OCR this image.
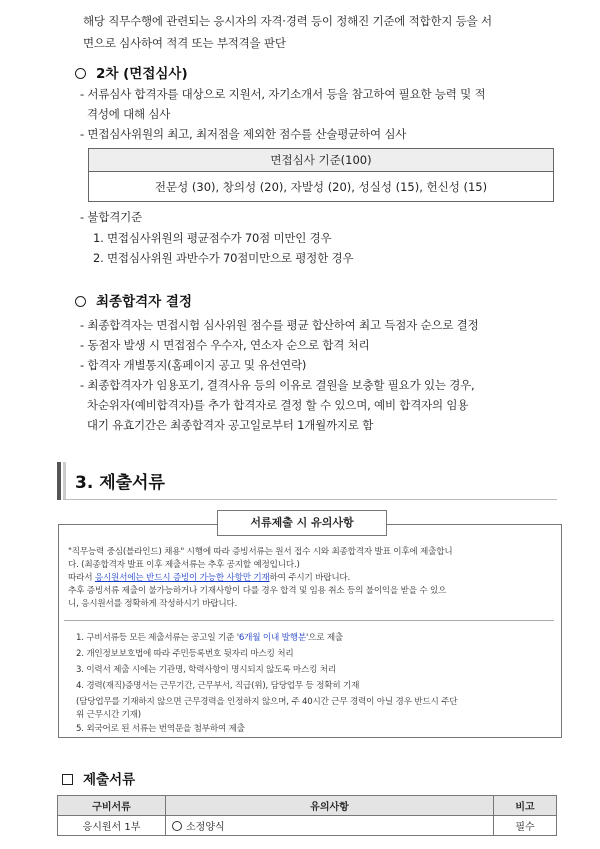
해당 직무수행에 관련되는 응시자의 자격·경력 등이 정해진 기준에 적합한지 등을 서
면으로 심사하여 적격 또는 부적격을 판단
2차 (면접심사)
- 서류심사 합격자를 대상으로 지원서, 자기소개서 등을 참고하여 필요한 능력 및 적
격성에 대해 심사
- 면접심사위원의 최고, 최저점을 제외한 점수를 산술평균하여 심사
면접심사 기준(100)
전문성 (30), 창의성 (20), 자발성 (20), 성실성 (15), 헌신성 (15)
- 불합격기준
1. 면접심사위원의 평균점수가 70점 미만인 경우
2. 면접심사위원 과반수가 70점미만으로 평정한 경우
최종합격자 결정
- 최종합격자는 면접시험 심사위원 점수를 평균 합산하여 최고 득점자 순으로 결정
- 동점자 발생 시 면접점수 우수자, 연소자 순으로 합격 처리
- 합격자 개별통지(홈페이지 공고 및 유선연락)
- 최종합격자가 임용포기, 결격사유 등의 이유로 결원을 보충할 필요가 있는 경우,
차순위자(예비합격자)를 추가 합격자로 결정 할 수 있으며, 예비 합격자의 임용
대기 유효기간은 최종합격자 공고일로부터 1개월까지로 함
3. 제출서류
서류제출 시 유의사항
"직무능력 중심(블라인드) 채용" 시행에 따라 증빙서류는 원서 접수 시와 최종합격자 발표 이후에 제출합니
다. (최종합격자 발표 이후 제출서류는 추후 공지할 예정입니다.)
따라서 응시원서에는 반드시 증빙이 가능한 사항만 기재하여 주시기 바랍니다.
추후 증빙서류 제출이 불가능하거나 기재사항이 다를 경우 합격 및 임용 취소 등의 불이익을 받을 수 있으
니, 응시원서를 정확하게 작성하시기 바랍니다.
1. 구비서류등 모든 제출서류는 공고일 기준 '6개월 이내 발행분'으로 제출
2. 개인정보보호법에 따라 주민등록번호 뒷자리 마스킹 처리
3. 이력서 제출 시에는 기관명, 학력사항이 명시되지 않도록 마스킹 처리
4. 경력(재직)증명서는 근무기간, 근무부서, 직급(위), 담당업무 등 정확히 기재
(담당업무를 기재하지 않으면 근무경력을 인정하지 않으며, 주 40시간 근무 경력이 아닐 경우 반드시 주단
위 근무시간 기재)
5. 외국어로 된 서류는 번역문을 첨부하여 제출
제출서류
구비서류	유의사항	비고
응시원서 1부	소정양식	필수
